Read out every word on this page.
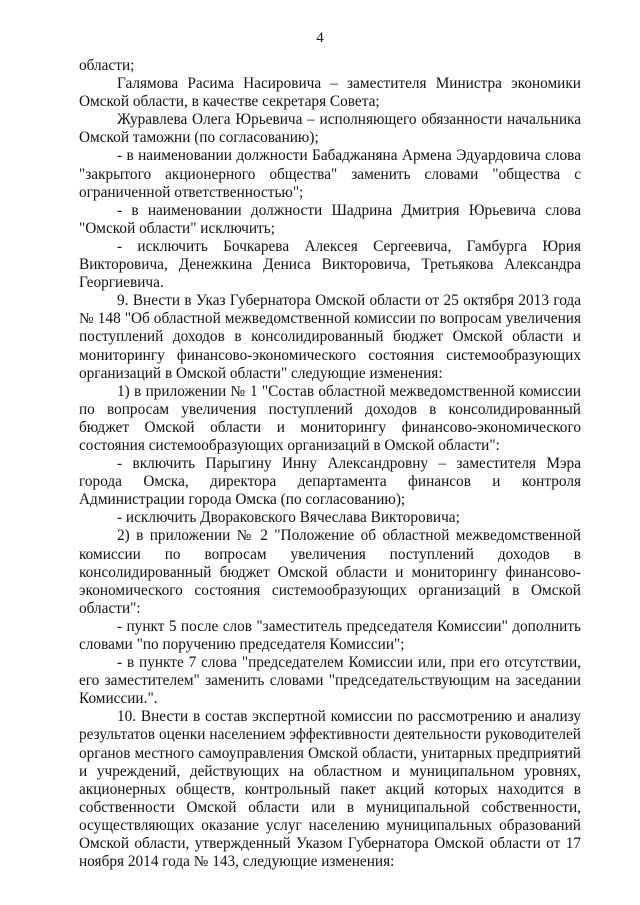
4

области;

Галямова Расима Насировича – заместителя Министра экономики Омской области, в качестве секретаря Совета;

Журавлева Олега Юрьевича – исполняющего обязанности начальника Омской таможни (по согласованию);

- в наименовании должности Бабаджаняна Армена Эдуардовича слова "закрытого акционерного общества" заменить словами "общества с ограниченной ответственностью";

- в наименовании должности Шадрина Дмитрия Юрьевича слова "Омской области" исключить;

- исключить Бочкарева Алексея Сергеевича, Гамбурга Юрия Викторовича, Денежкина Дениса Викторовича, Третьякова Александра Георгиевича.

9. Внести в Указ Губернатора Омской области от 25 октября 2013 года № 148 "Об областной межведомственной комиссии по вопросам увеличения поступлений доходов в консолидированный бюджет Омской области и мониторингу финансово-экономического состояния системообразующих организаций в Омской области" следующие изменения:

1) в приложении № 1 "Состав областной межведомственной комиссии по вопросам увеличения поступлений доходов в консолидированный бюджет Омской области и мониторингу финансово-экономического состояния системообразующих организаций в Омской области":

- включить Парыгину Инну Александровну – заместителя Мэра города Омска, директора департамента финансов и контроля Администрации города Омска (по согласованию);

- исключить Двораковского Вячеслава Викторовича;

2) в приложении № 2 "Положение об областной межведомственной комиссии по вопросам увеличения поступлений доходов в консолидированный бюджет Омской области и мониторингу финансово-экономического состояния системообразующих организаций в Омской области":

- пункт 5 после слов "заместитель председателя Комиссии" дополнить словами "по поручению председателя Комиссии";

- в пункте 7 слова "председателем Комиссии или, при его отсутствии, его заместителем" заменить словами "председательствующим на заседании Комиссии.".

10. Внести в состав экспертной комиссии по рассмотрению и анализу результатов оценки населением эффективности деятельности руководителей органов местного самоуправления Омской области, унитарных предприятий и учреждений, действующих на областном и муниципальном уровнях, акционерных обществ, контрольный пакет акций которых находится в собственности Омской области или в муниципальной собственности, осуществляющих оказание услуг населению муниципальных образований Омской области, утвержденный Указом Губернатора Омской области от 17 ноября 2014 года № 143, следующие изменения:
